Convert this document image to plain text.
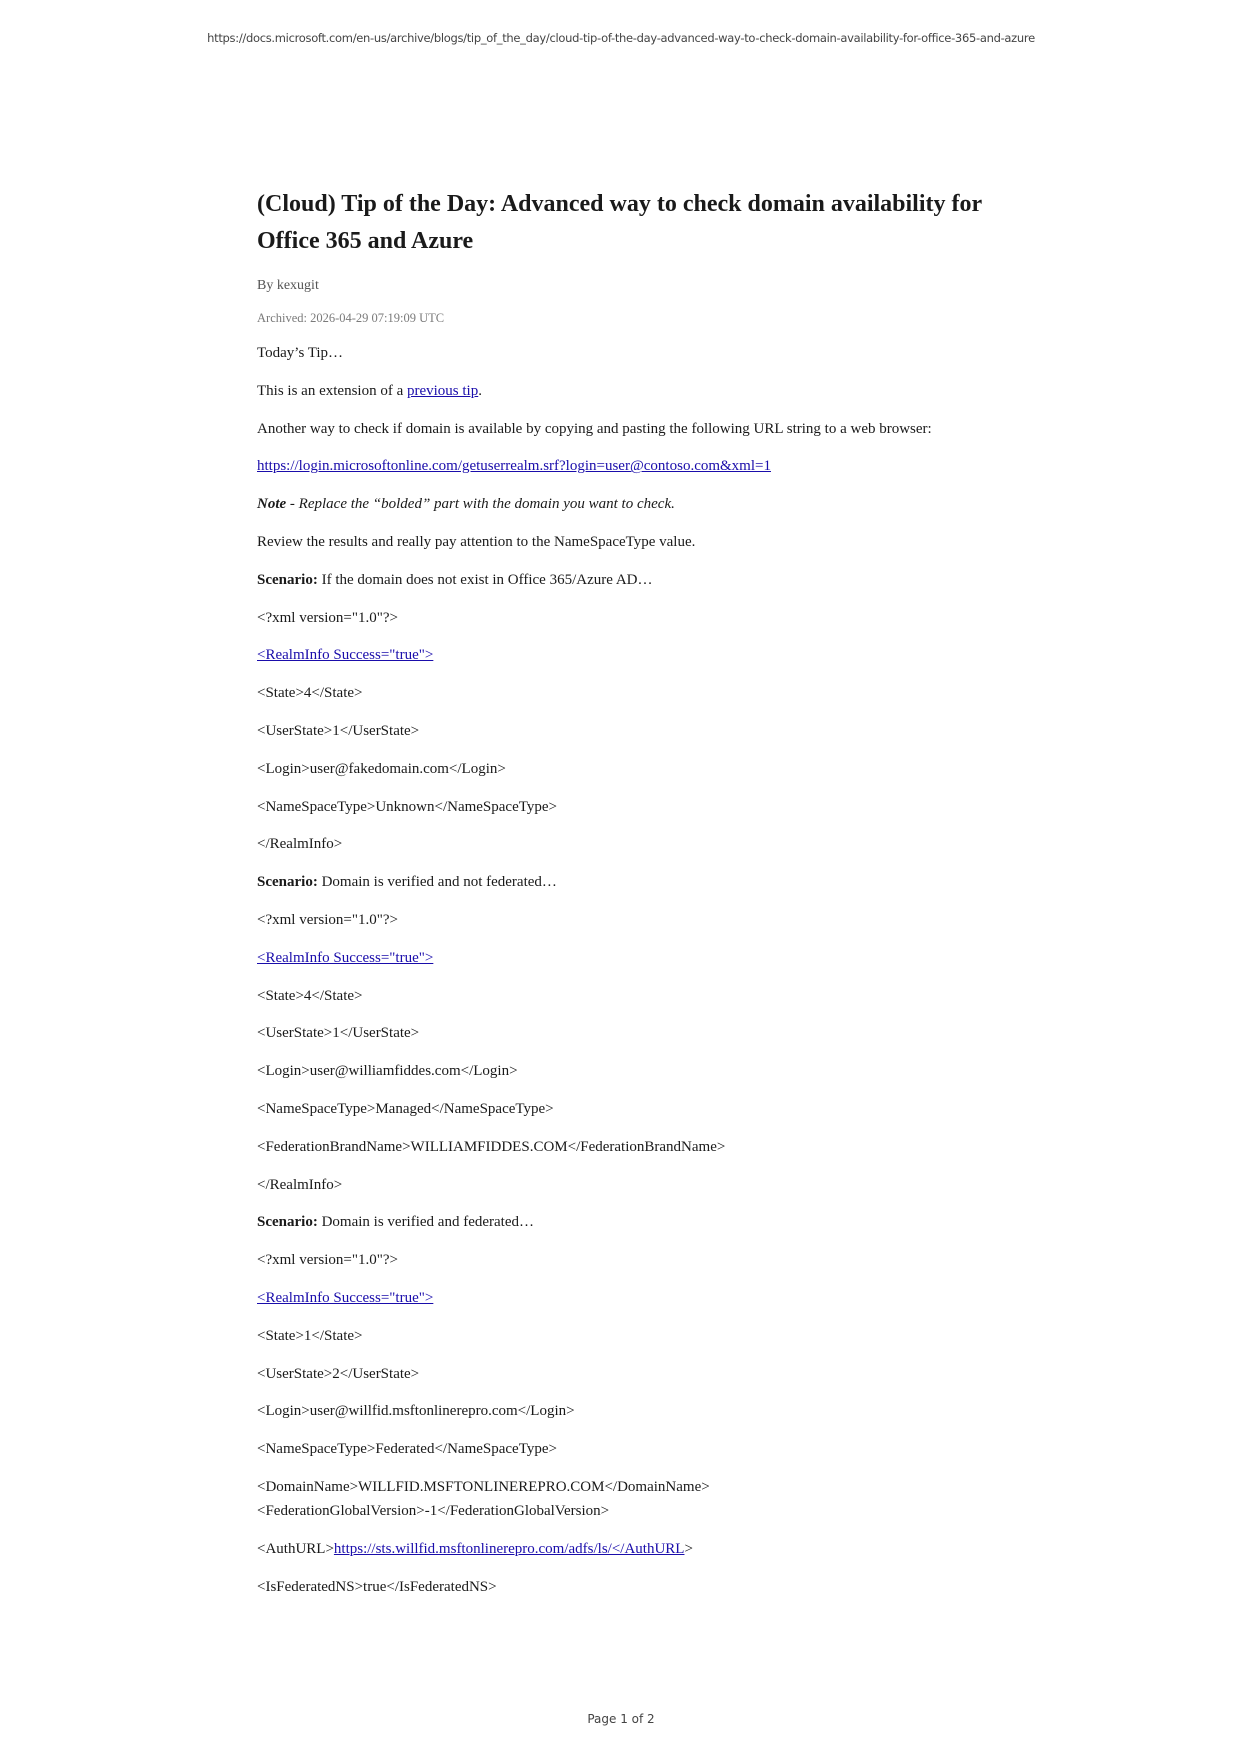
https://docs.microsoft.com/en-us/archive/blogs/tip_of_the_day/cloud-tip-of-the-day-advanced-way-to-check-domain-availability-for-office-365-and-azure
(Cloud) Tip of the Day: Advanced way to check domain availability for Office 365 and Azure
By kexugit
Archived: 2026-04-29 07:19:09 UTC
Today’s Tip…
This is an extension of a previous tip.
Another way to check if domain is available by copying and pasting the following URL string to a web browser:
https://login.microsoftonline.com/getuserrealm.srf?login=user@contoso.com&xml=1
Note - Replace the “bolded” part with the domain you want to check.
Review the results and really pay attention to the NameSpaceType value.
Scenario: If the domain does not exist in Office 365/Azure AD…
<?xml version="1.0"?>
<RealmInfo Success="true">
<State>4</State>
<UserState>1</UserState>
<Login>user@fakedomain.com</Login>
<NameSpaceType>Unknown</NameSpaceType>
</RealmInfo>
Scenario: Domain is verified and not federated…
<?xml version="1.0"?>
<RealmInfo Success="true">
<State>4</State>
<UserState>1</UserState>
<Login>user@williamfiddes.com</Login>
<NameSpaceType>Managed</NameSpaceType>
<FederationBrandName>WILLIAMFIDDES.COM</FederationBrandName>
</RealmInfo>
Scenario: Domain is verified and federated…
<?xml version="1.0"?>
<RealmInfo Success="true">
<State>1</State>
<UserState>2</UserState>
<Login>user@willfid.msftonlinerepro.com</Login>
<NameSpaceType>Federated</NameSpaceType>
<DomainName>WILLFID.MSFTONLINEREPRO.COM</DomainName>
<FederationGlobalVersion>-1</FederationGlobalVersion>
<AuthURL>https://sts.willfid.msftonlinerepro.com/adfs/ls/</AuthURL>
<IsFederatedNS>true</IsFederatedNS>
Page 1 of 2
